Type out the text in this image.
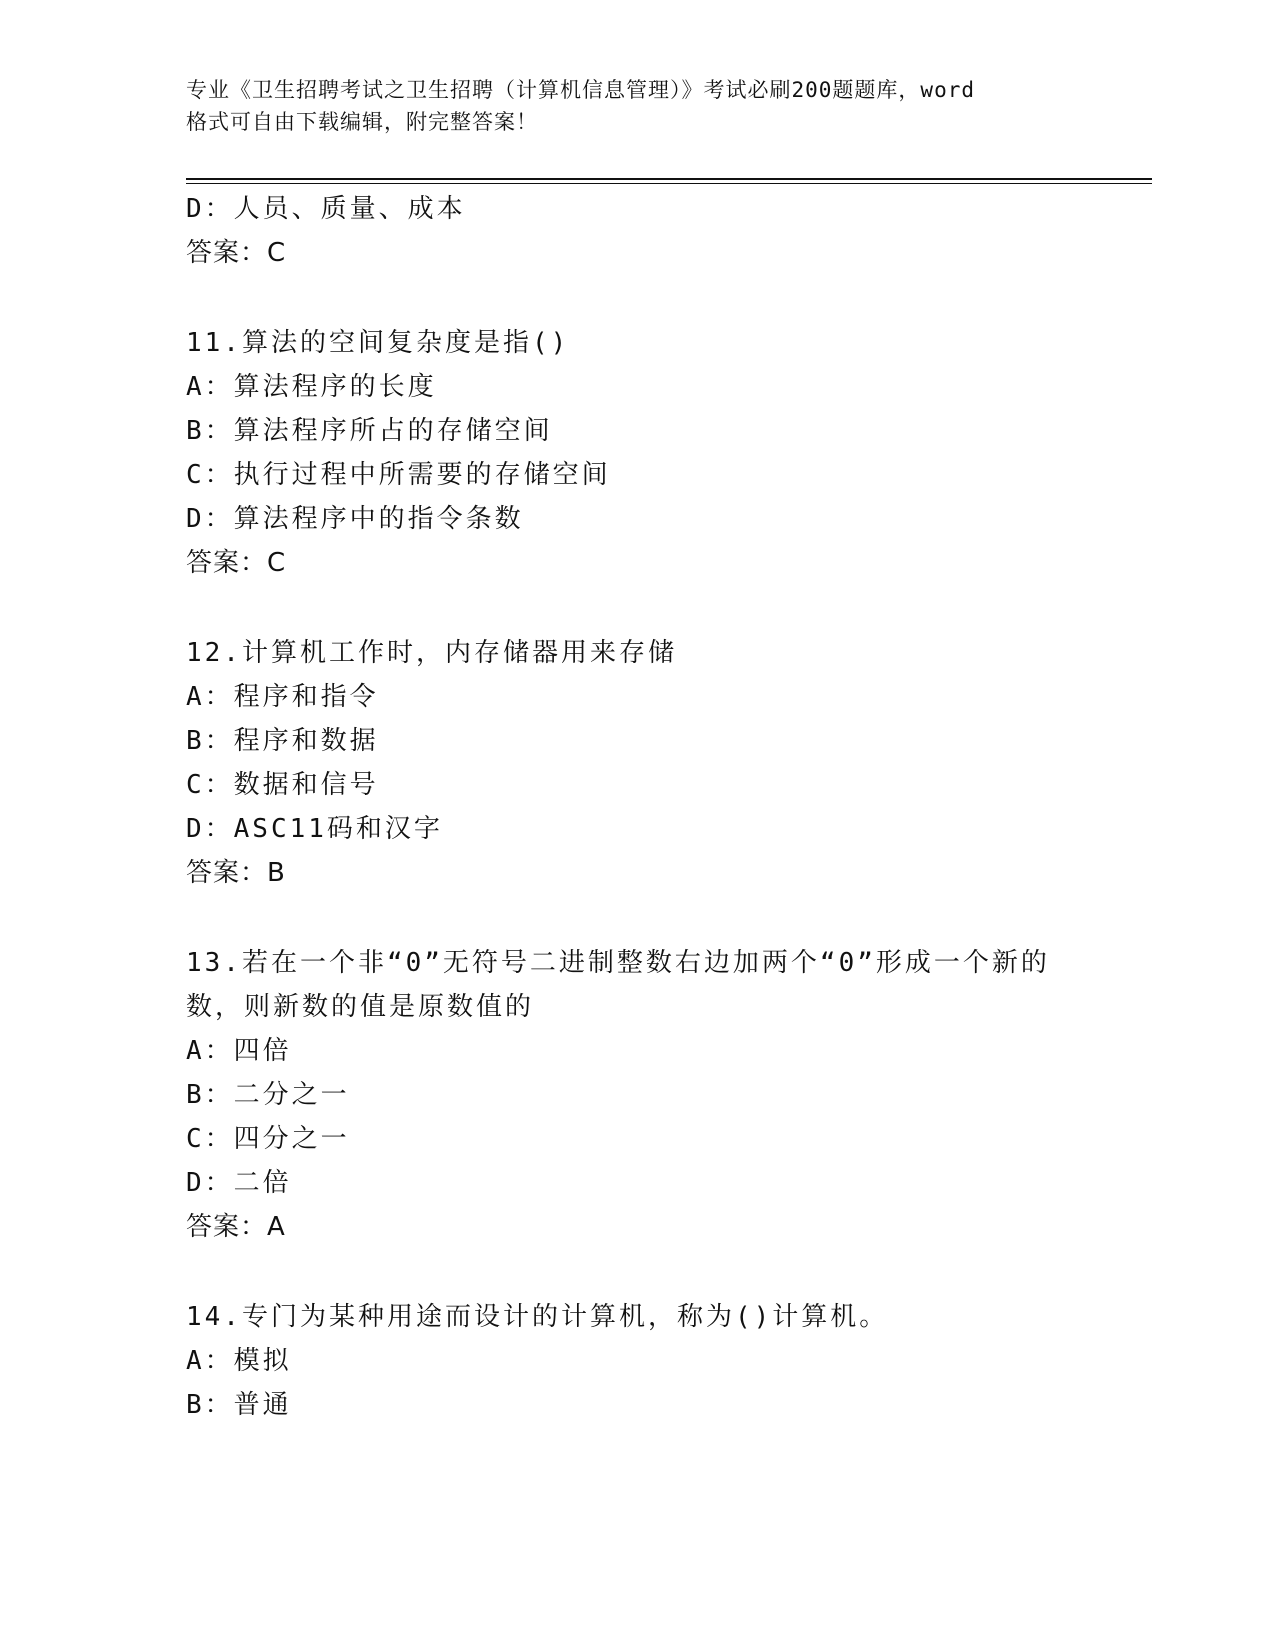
专业《卫生招聘考试之卫生招聘（计算机信息管理）》考试必刷200题题库，word
格式可自由下载编辑，附完整答案！
D：人员、质量、成本
答案：C
11.算法的空间复杂度是指()
A：算法程序的长度
B：算法程序所占的存储空间
C：执行过程中所需要的存储空间
D：算法程序中的指令条数
答案：C
12.计算机工作时，内存储器用来存储
A：程序和指令
B：程序和数据
C：数据和信号
D：ASC11码和汉字
答案：B
13.若在一个非“0”无符号二进制整数右边加两个“0”形成一个新的
数，则新数的值是原数值的
A：四倍
B：二分之一
C：四分之一
D：二倍
答案：A
14.专门为某种用途而设计的计算机，称为()计算机。
A：模拟
B：普通
